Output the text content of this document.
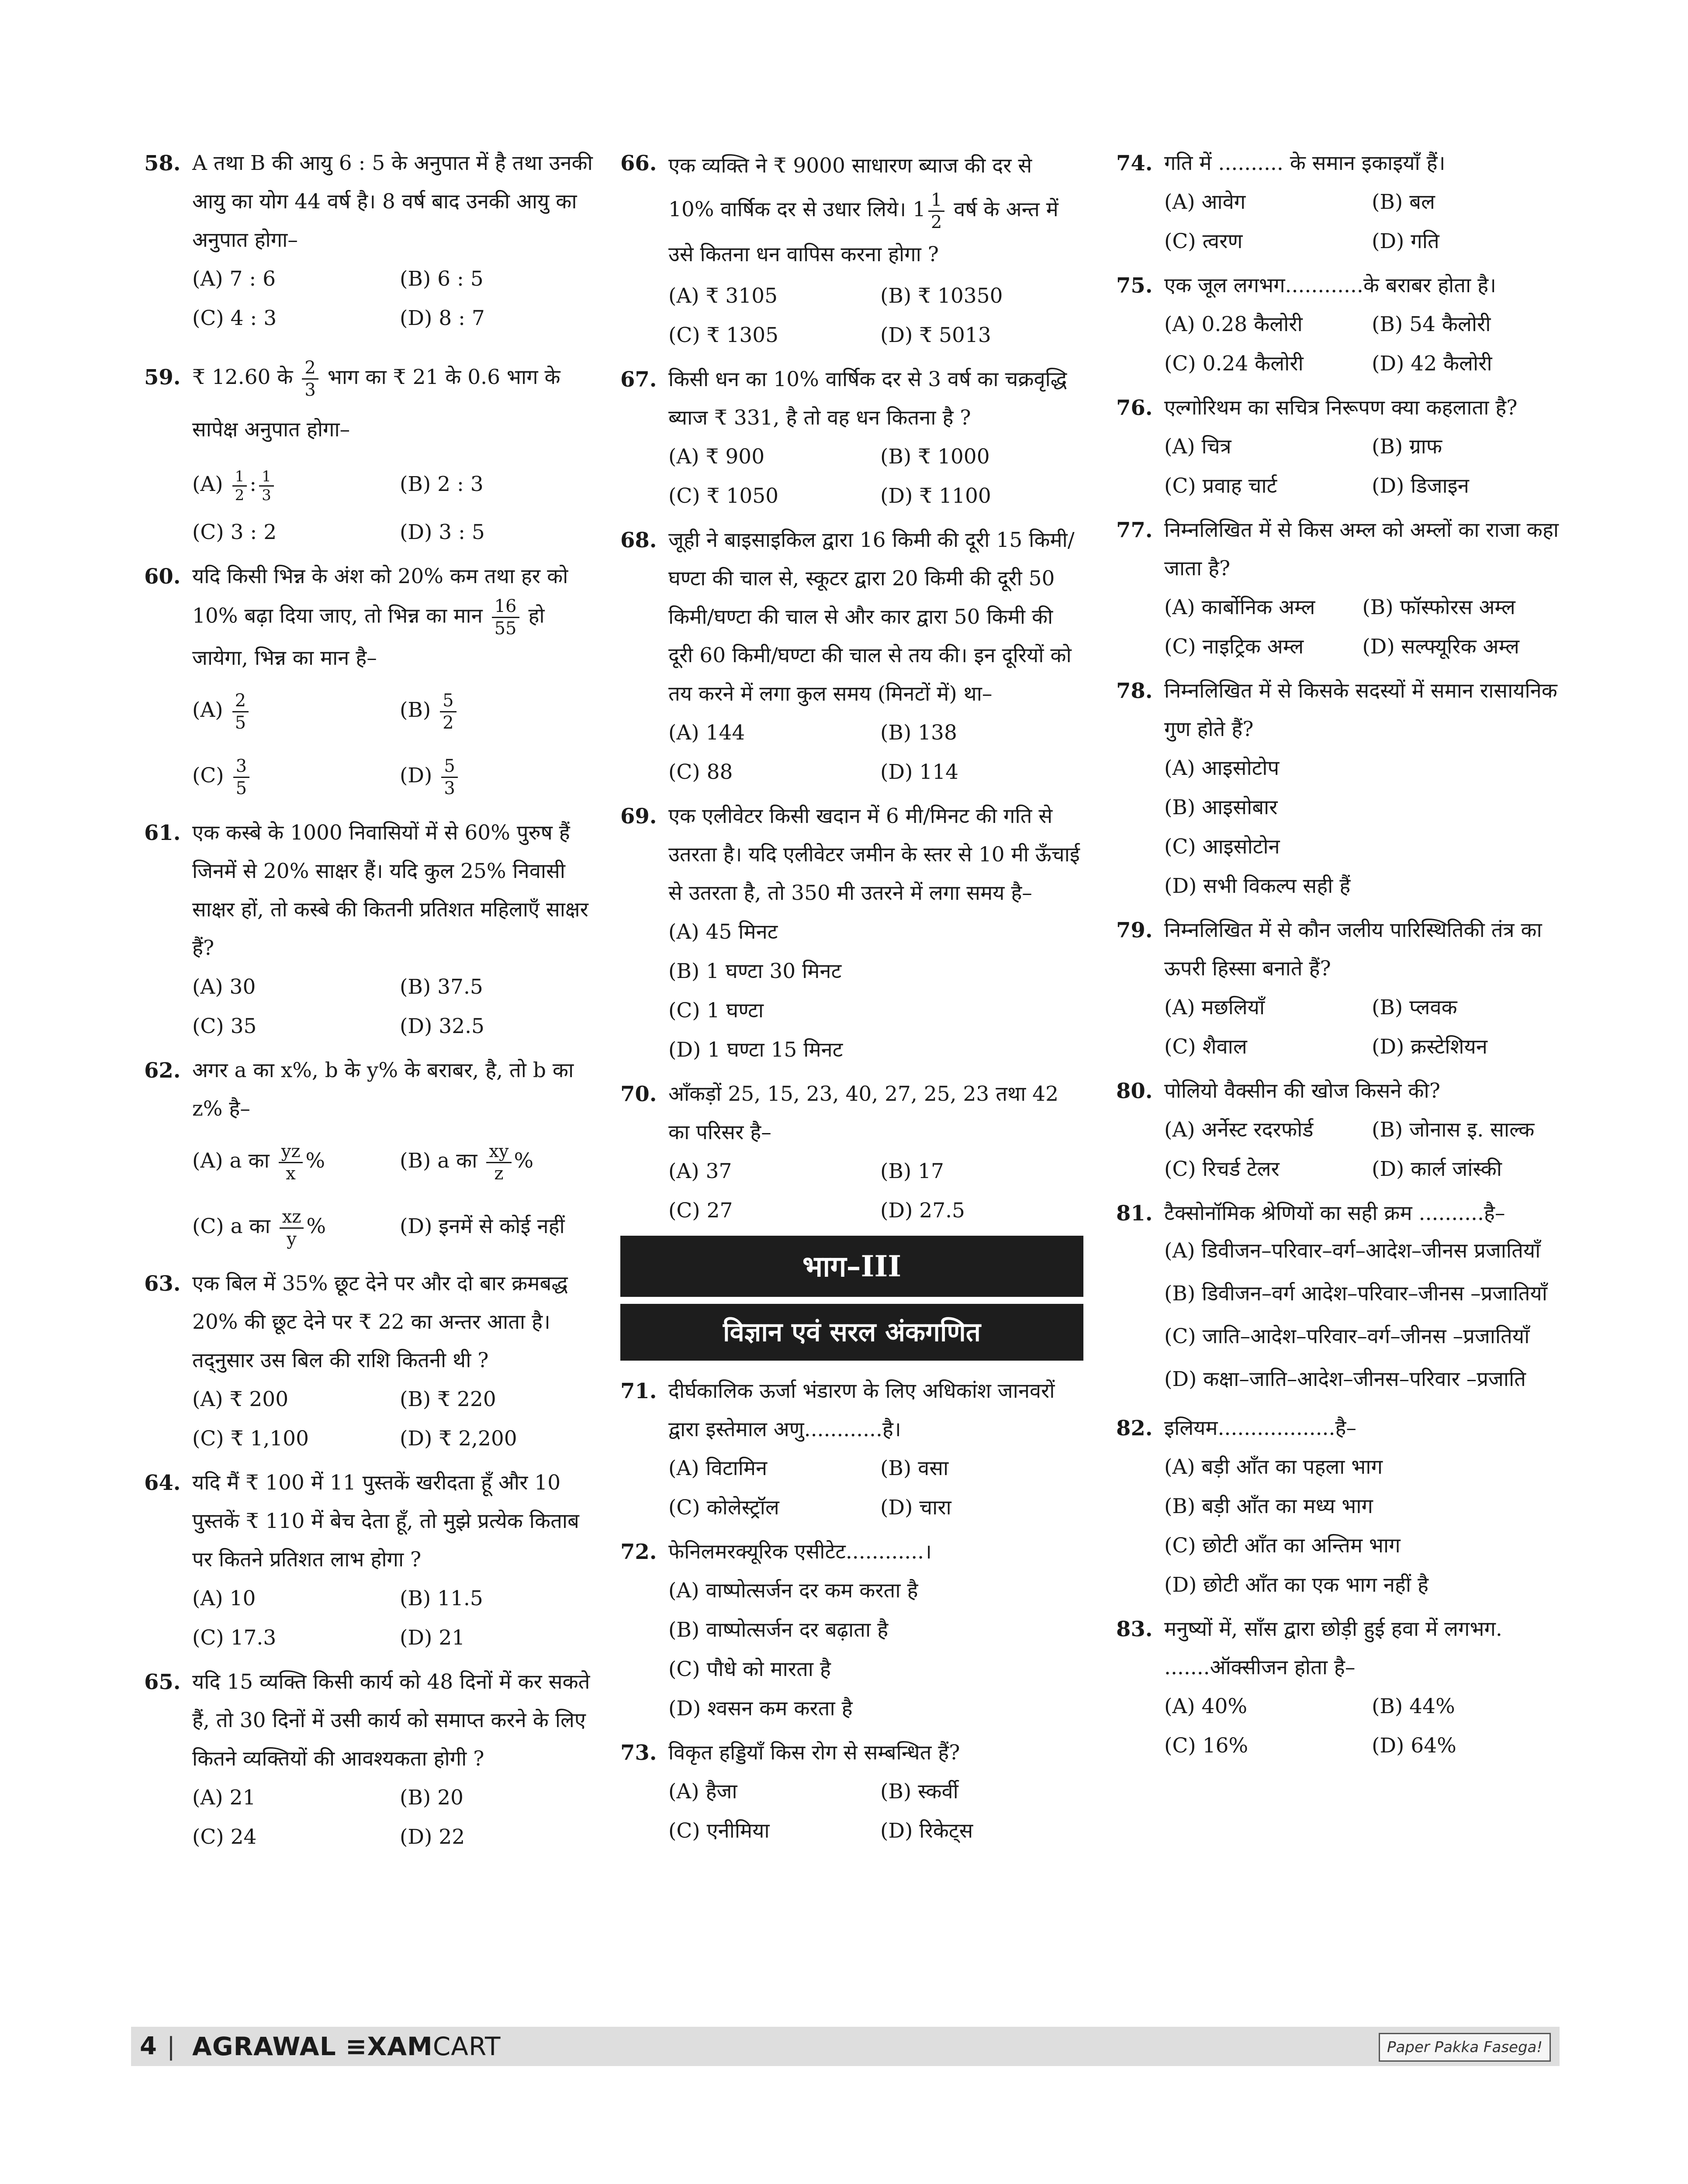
58. A तथा B की आयु 6 : 5 के अनुपात में है तथा उनकी आयु का योग 44 वर्ष है। 8 वर्ष बाद उनकी आयु का अनुपात होगा–
(A) 7 : 6	(B) 6 : 5
(C) 4 : 3	(D) 8 : 7
59. ₹ 12.60 के $\frac{2}{3}$ भाग का ₹ 21 के 0.6 भाग के सापेक्ष अनुपात होगा–
$(A) \frac{1}{2}$ : $\frac{1}{3}$	(B) 2 : 3
(C) 3 : 2	(D) 3 : 5
60. यदि किसी भिन्न के अंश को 20% कम तथा हर को 10% बढ़ा दिया जाए, तो भिन्न का मान $\frac{16}{55}$ हो जायेगा, भिन्न का मान है–
$(A) \frac{2}{5}$	$(B) \frac{5}{2}$
$(C) \frac{3}{5}$	$(D) \frac{5}{3}$
61. एक कस्बे के 1000 निवासियों में से 60% पुरुष हैं जिनमें से 20% साक्षर हैं। यदि कुल 25% निवासी साक्षर हों, तो कस्बे की कितनी प्रतिशत महिलाएँ साक्षर हैं?
(A) 30	(B) 37.5
(C) 35	(D) 32.5
62. अगर a का x%, b के y% के बराबर, है, तो b का z% है–
(A) a का $\frac{yz}{x}$ %	(B) a का $\frac{xy}{z}$ %
(C) a का $\frac{xz}{y}$ %	(D) इनमें से कोई नहीं
63. एक बिल में 35% छूट देने पर और दो बार क्रमबद्ध 20% की छूट देने पर ₹ 22 का अन्तर आता है। तद्नुसार उस बिल की राशि कितनी थी ?
(A) ₹ 200	(B) ₹ 220
(C) ₹ 1,100	(D) ₹ 2,200
64. यदि मैं ₹ 100 में 11 पुस्तकें खरीदता हूँ और 10 पुस्तकें ₹ 110 में बेच देता हूँ, तो मुझे प्रत्येक किताब पर कितने प्रतिशत लाभ होगा ?
(A) 10	(B) 11.5
(C) 17.3	(D) 21
65. यदि 15 व्यक्ति किसी कार्य को 48 दिनों में कर सकते हैं, तो 30 दिनों में उसी कार्य को समाप्त करने के लिए कितने व्यक्तियों की आवश्यकता होगी ?
(A) 21	(B) 20
(C) 24	(D) 22
66. एक व्यक्ति ने ₹ 9000 साधारण ब्याज की दर से 10% वार्षिक दर से उधार लिये। $1 \frac{1}{2}$ वर्ष के अन्त में उसे कितना धन वापिस करना होगा ?
(A) ₹ 3105	(B) ₹ 10350
(C) ₹ 1305	(D) ₹ 5013
67. किसी धन का 10% वार्षिक दर से 3 वर्ष का चक्रवृद्धि ब्याज ₹ 331, है तो वह धन कितना है ?
(A) ₹ 900	(B) ₹ 1000
(C) ₹ 1050	(D) ₹ 1100
68. जूही ने बाइसाइकिल द्वारा 16 किमी की दूरी 15 किमी/घण्टा की चाल से, स्कूटर द्वारा 20 किमी की दूरी 50 किमी/घण्टा की चाल से और कार द्वारा 50 किमी की दूरी 60 किमी/घण्टा की चाल से तय की। इन दूरियों को तय करने में लगा कुल समय (मिनटों में) था–
(A) 144	(B) 138
(C) 88	(D) 114
69. एक एलीवेटर किसी खदान में 6 मी/मिनट की गति से उतरता है। यदि एलीवेटर जमीन के स्तर से 10 मी ऊँचाई से उतरता है, तो 350 मी उतरने में लगा समय है–
(A) 45 मिनट
(B) 1 घण्टा 30 मिनट
(C) 1 घण्टा
(D) 1 घण्टा 15 मिनट
70. आँकड़ों 25, 15, 23, 40, 27, 25, 23 तथा 42 का परिसर है–
(A) 37	(B) 17
(C) 27	(D) 27.5
भाग–III
विज्ञान एवं सरल अंकगणित
71. दीर्घकालिक ऊर्जा भंडारण के लिए अधिकांश जानवरों द्वारा इस्तेमाल अणु............है।
(A) विटामिन	(B) वसा
(C) कोलेस्ट्रॉल	(D) चारा
72. फेनिलमरक्यूरिक एसीटेट............।
(A) वाष्पोत्सर्जन दर कम करता है
(B) वाष्पोत्सर्जन दर बढ़ाता है
(C) पौधे को मारता है
(D) श्वसन कम करता है
73. विकृत हड्डियाँ किस रोग से सम्बन्धित हैं?
(A) हैजा	(B) स्कर्वी
(C) एनीमिया	(D) रिकेट्स
74. गति में .......... के समान इकाइयाँ हैं।
(A) आवेग	(B) बल
(C) त्वरण	(D) गति
75. एक जूल लगभग............के बराबर होता है।
(A) 0.28 कैलोरी	(B) 54 कैलोरी
(C) 0.24 कैलोरी	(D) 42 कैलोरी
76. एल्गोरिथम का सचित्र निरूपण क्या कहलाता है?
(A) चित्र	(B) ग्राफ
(C) प्रवाह चार्ट	(D) डिजाइन
77. निम्नलिखित में से किस अम्ल को अम्लों का राजा कहा जाता है?
(A) कार्बोनिक अम्ल	(B) फॉस्फोरस अम्ल
(C) नाइट्रिक अम्ल	(D) सल्फ्यूरिक अम्ल
78. निम्नलिखित में से किसके सदस्यों में समान रासायनिक गुण होते हैं?
(A) आइसोटोप
(B) आइसोबार
(C) आइसोटोन
(D) सभी विकल्प सही हैं
79. निम्नलिखित में से कौन जलीय पारिस्थितिकी तंत्र का ऊपरी हिस्सा बनाते हैं?
(A) मछलियाँ	(B) प्लवक
(C) शैवाल	(D) क्रस्टेशियन
80. पोलियो वैक्सीन की खोज किसने की?
(A) अर्नेस्ट रदरफोर्ड	(B) जोनास इ. साल्क
(C) रिचर्ड टेलर	(D) कार्ल जांस्की
81. टैक्सोनॉमिक श्रेणियों का सही क्रम ..........है–
(A) डिवीजन–परिवार–वर्ग–आदेश–जीनस प्रजातियाँ
(B) डिवीजन–वर्ग आदेश–परिवार–जीनस –प्रजातियाँ
(C) जाति–आदेश–परिवार–वर्ग–जीनस –प्रजातियाँ
(D) कक्षा–जाति–आदेश–जीनस–परिवार –प्रजाति
82. इलियम..................है–
(A) बड़ी आँत का पहला भाग
(B) बड़ी आँत का मध्य भाग
(C) छोटी आँत का अन्तिम भाग
(D) छोटी आँत का एक भाग नहीं है
83. मनुष्यों में, साँस द्वारा छोड़ी हुई हवा में लगभग. .......ऑक्सीजन होता है–
(A) 40%	(B) 44%
(C) 16%	(D) 64%
4 | AGRAWAL ≡XAMCART	Paper Pakka Fasega!
